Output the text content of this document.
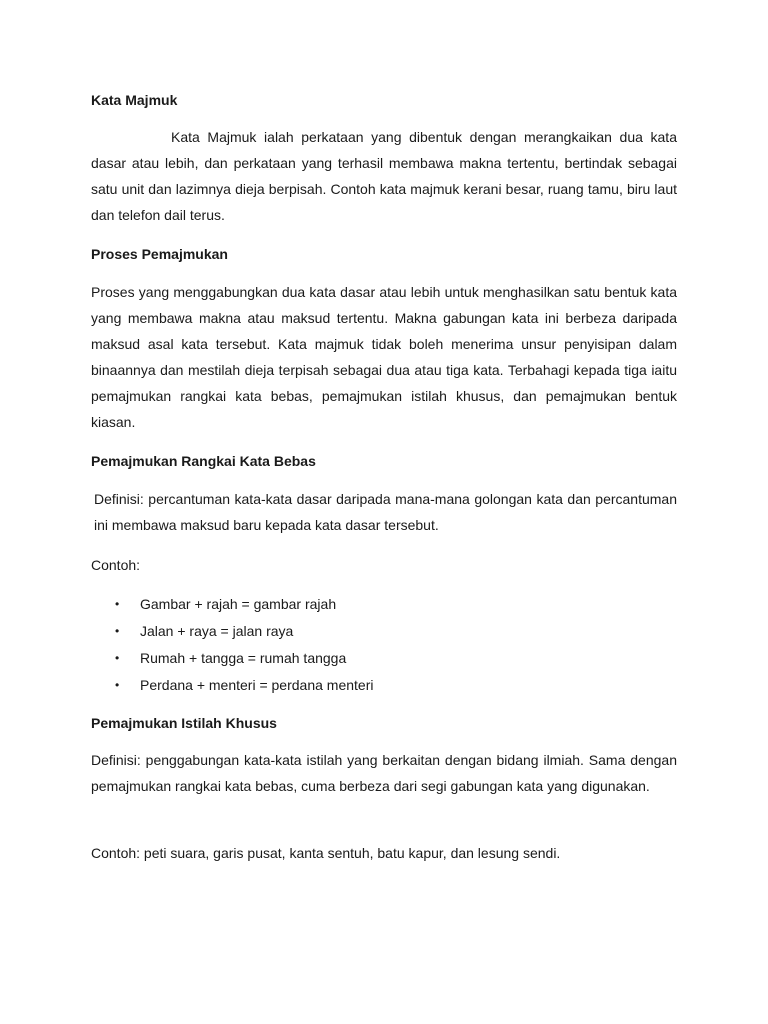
Kata Majmuk

Kata Majmuk ialah perkataan yang dibentuk dengan merangkaikan dua kata dasar atau lebih, dan perkataan yang terhasil membawa makna tertentu, bertindak sebagai satu unit dan lazimnya dieja berpisah. Contoh kata majmuk kerani besar, ruang tamu, biru laut dan telefon dail terus.

Proses Pemajmukan

Proses yang menggabungkan dua kata dasar atau lebih untuk menghasilkan satu bentuk kata yang membawa makna atau maksud tertentu. Makna gabungan kata ini berbeza daripada maksud asal kata tersebut. Kata majmuk tidak boleh menerima unsur penyisipan dalam binaannya dan mestilah dieja terpisah sebagai dua atau tiga kata. Terbahagi kepada tiga iaitu pemajmukan rangkai kata bebas, pemajmukan istilah khusus, dan pemajmukan bentuk kiasan.

Pemajmukan Rangkai Kata Bebas

Definisi: percantuman kata-kata dasar daripada mana-mana golongan kata dan percantuman ini membawa maksud baru kepada kata dasar tersebut.

Contoh:

• Gambar + rajah = gambar rajah
• Jalan + raya = jalan raya
• Rumah + tangga = rumah tangga
• Perdana + menteri = perdana menteri
Pemajmukan Istilah Khusus

Definisi: penggabungan kata-kata istilah yang berkaitan dengan bidang ilmiah. Sama dengan pemajmukan rangkai kata bebas, cuma berbeza dari segi gabungan kata yang digunakan.

Contoh: peti suara, garis pusat, kanta sentuh, batu kapur, dan lesung sendi.
